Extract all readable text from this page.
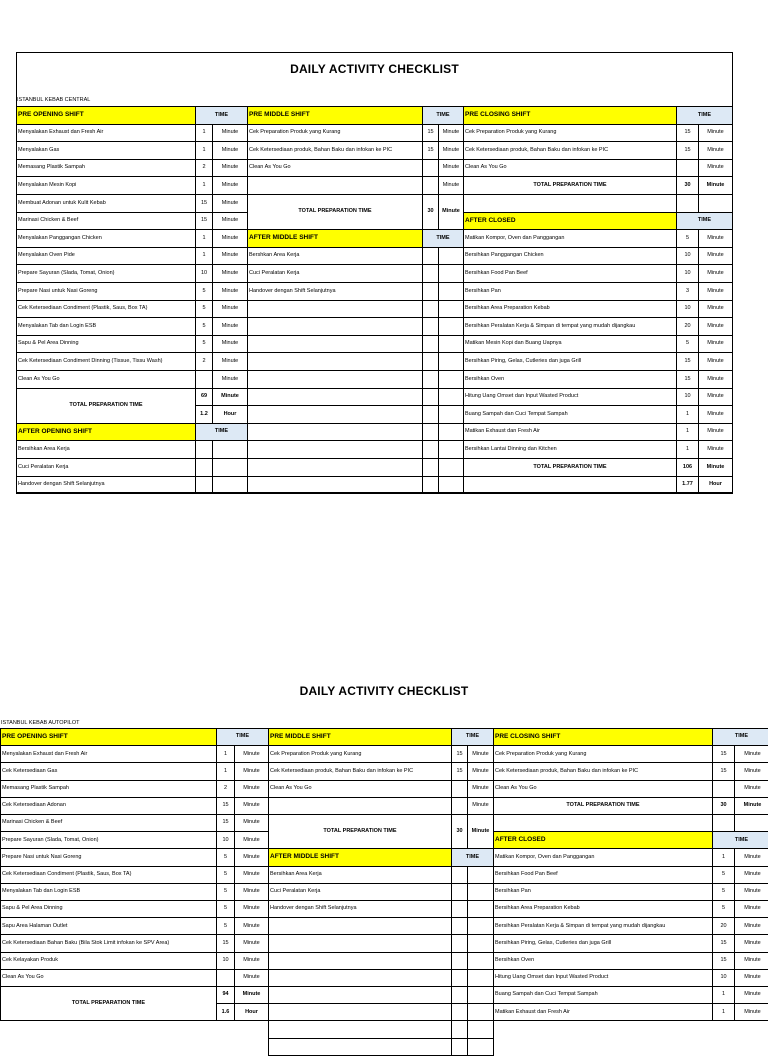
DAILY ACTIVITY CHECKLIST
ISTANBUL KEBAB CENTRAL
PRE OPENING SHIFT	TIME
Menyalakan Exhaust dan Fresh Air	1	Minute
Menyalakan Gas	1	Minute
Memasang Plastik Sampah	2	Minute
Menyalakan Mesin Kopi	1	Minute
Membuat Adonan untuk Kulit Kebab	15	Minute
Marinasi Chicken & Beef	15	Minute
Menyalakan Panggangan Chicken	1	Minute
Menyalakan Oven Pide	1	Minute
Prepare Sayuran (Slada, Tomat, Onion)	10	Minute
Prepare Nasi untuk Nasi Goreng	5	Minute
Cek Ketersediaan Condiment (Plastik, Saus, Box TA)	5	Minute
Menyalakan Tab dan Login ESB	5	Minute
Sapu & Pel Area Dinning	5	Minute
Cek Ketersediaan Condiment Dinning (Tissue, Tissu Wash)	2	Minute
Clean As You Go	Minute
TOTAL PREPARATION TIME
69	Minute
1.2	Hour
AFTER OPENING SHIFT	TIME
Bersihkan Area Kerja
Cuci Peralatan Kerja
Handover dengan Shift Selanjutnya
PRE MIDDLE SHIFT	TIME
Cek Preparation Produk yang Kurang	15	Minute
Cek Ketersediaan produk, Bahan Baku dan infokan ke PIC	15	Minute
Clean As You Go	Minute
Minute
TOTAL PREPARATION TIME	30	Minute
AFTER MIDDLE SHIFT	TIME
Bershkan Area Kerja
Cuci Peralatan Kerja
Handover dengan Shift Selanjutnya
PRE CLOSING SHIFT	TIME
Cek Preparation Produk yang Kurang	15	Minute
Cek Ketersediaan produk, Bahan Baku dan infokan ke PIC	15	Minute
Clean As You Go	Minute
TOTAL PREPARATION TIME	30	Minute
AFTER CLOSED	TIME
Matikan Kompor, Oven dan Panggangan	5	Minute
Bersihkan Panggangan Chicken	10	Minute
Bersihkan Food Pan Beef	10	Minute
Bersihkan Pan	3	Minute
Bersihkan Area Preparation Kebab	10	Minute
Bersihkan Peralatan Kerja & Simpan di tempat yang mudah dijangkau	20	Minute
Matikan Mesin Kopi dan Buang Uapnya	5	Minute
Bersihkan Piring, Gelas, Cutleries dan juga Grill	15	Minute
Bersihkan Oven	15	Minute
Hitung Uang Omset dan Input Wasted Product	10	Minute
Buang Sampah dan Cuci Tempat Sampah	1	Minute
Matikan Exhaust dan Fresh Air	1	Minute
Bersihkan Lantai Dinning dan Kitchen	1	Minute
TOTAL PREPARATION TIME	106	Minute
1.77	Hour
DAILY ACTIVITY CHECKLIST
ISTANBUL KEBAB AUTOPILOT
PRE OPENING SHIFT	TIME
Menyalakan Exhaust dan Fresh Air	1	Minute
Cek Ketersediaan Gas	1	Minute
Memasang Plastik Sampah	2	Minute
Cek Ketersediaan Adonan	15	Minute
Marinasi Chicken & Beef	15	Minute
Prepare Sayuran (Slada, Tomat, Onion)	10	Minute
Prepare Nasi untuk Nasi Goreng	5	Minute
Cek Ketersediaan Condiment (Plastik, Saus, Box TA)	5	Minute
Menyalakan Tab dan Login ESB	5	Minute
Sapu & Pel Area Dinning	5	Minute
Sapu Area Halaman Outlet	5	Minute
Cek Ketersediaan Bahan Baku (Bila Stok Limit infokan ke SPV Area)	15	Minute
Cek Kelayakan Produk	10	Minute
Clean As You Go	Minute
TOTAL PREPARATION TIME
94	Minute
1.6	Hour
PRE MIDDLE SHIFT	TIME
Cek Preparation Produk yang Kurang	15	Minute
Cek Ketersediaan produk, Bahan Baku dan infokan ke PIC	15	Minute
Clean As You Go	Minute
Minute
TOTAL PREPARATION TIME	30	Minute
AFTER MIDDLE SHIFT	TIME
Bersihkan Area Kerja
Cuci Peralatan Kerja
Handover dengan Shift Selanjutnya
PRE CLOSING SHIFT	TIME
Cek Preparation Produk yang Kurang	15	Minute
Cek Ketersediaan produk, Bahan Baku dan infokan ke PIC	15	Minute
Clean As You Go	Minute
TOTAL PREPARATION TIME	30	Minute
AFTER CLOSED	TIME
Matikan Kompor, Oven dan Panggangan	1	Minute
Bersihkan Food Pan Beef	5	Minute
Bersihkan Pan	5	Minute
Bersihkan Area Preparation Kebab	5	Minute
Bersihkan Peralatan Kerja & Simpan di tempat yang mudah dijangkau	20	Minute
Bersihkan Piring, Gelas, Cutleries dan juga Grill	15	Minute
Bersihkan Oven	15	Minute
Hitung Uang Omset dan Input Wasted Product	10	Minute
Buang Sampah dan Cuci Tempat Sampah	1	Minute
Matikan Exhaust dan Fresh Air	1	Minute
